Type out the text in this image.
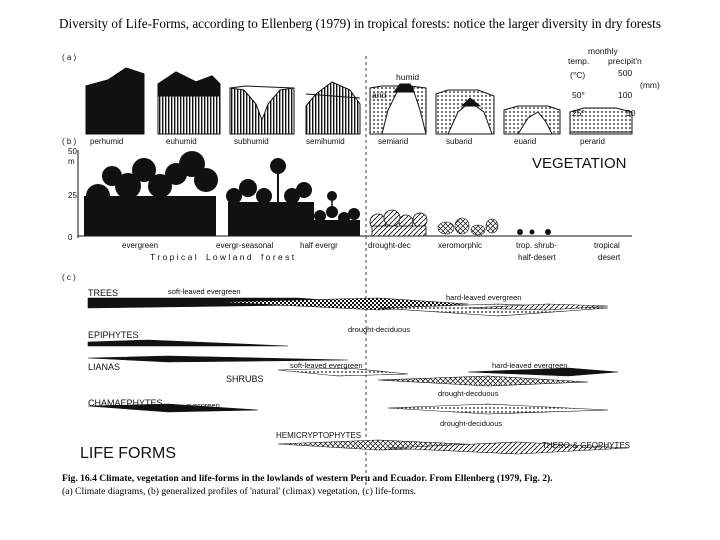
Diversity of Life-Forms, according to Ellenberg (1979) in tropical forests: notice the larger diversity in dry forests
( a )
humid
arid
monthly
temp. precipit'n
(°C)	500
(mm)
50°	100
25°	50
perhumid	euhumid	subhumid	semihumid	semiarid	subarid	euarid	perarid
( b )
50
m
25
0
VEGETATION
evergreen	evergr-seasonal	half evergr	drought-dec	xeromorphic	trop. shrub-	tropical
half-desert	desert
T r o p i c a l    L o w l a n d    f o r e s t
( c )
TREES	soft-leaved evergreen
hard-leaved evergreen
drought-deciduous
EPIPHYTES
LIANAS
SHRUBS
soft-leaved evergreen	hard-leaved evergreen
drought-decduous
CHAMAEPHYTES	evergreen
drought-deciduous
HEMICRYPTOPHYTES
THERO-& GEOPHYTES
LIFE FORMS
Fig. 16.4 Climate, vegetation and life-forms in the lowlands of western Peru and Ecuador. From Ellenberg (1979, Fig. 2).
(a) Climate diagrams, (b) generalized profiles of 'natural' (climax) vegetation, (c) life-forms.
